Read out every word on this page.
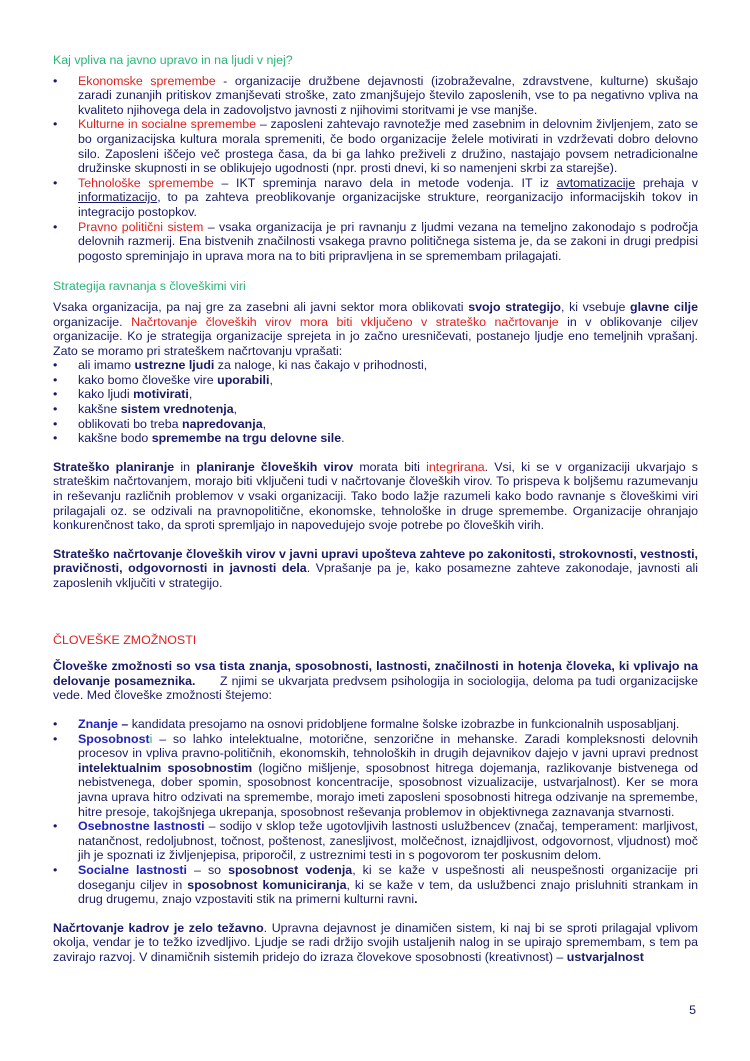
Kaj vpliva na javno upravo in na ljudi v njej?
• Ekonomske spremembe - organizacije družbene dejavnosti (izobraževalne, zdravstvene, kulturne) skušajo zaradi zunanjih pritiskov zmanjševati stroške, zato zmanjšujejo število zaposlenih, vse to pa negativno vpliva na kvaliteto njihovega dela in zadovoljstvo javnosti z njihovimi storitvami je vse manjše.
• Kulturne in socialne spremembe – zaposleni zahtevajo ravnotežje med zasebnim in delovnim življenjem, zato se bo organizacijska kultura morala spremeniti, če bodo organizacije želele motivirati in vzdrževati dobro delovno silo. Zaposleni iščejo več prostega časa, da bi ga lahko preživeli z družino, nastajajo povsem netradicionalne družinske skupnosti in se oblikujejo ugodnosti (npr. prosti dnevi, ki so namenjeni skrbi za starejše).
• Tehnološke spremembe – IKT spreminja naravo dela in metode vodenja. IT iz avtomatizacije prehaja v informatizacijo, to pa zahteva preoblikovanje organizacijske strukture, reorganizacijo informacijskih tokov in integracijo postopkov.
• Pravno politični sistem – vsaka organizacija je pri ravnanju z ljudmi vezana na temeljno zakonodajo s področja delovnih razmerij. Ena bistvenih značilnosti vsakega pravno političnega sistema je, da se zakoni in drugi predpisi pogosto spreminjajo in uprava mora na to biti pripravljena in se spremembam prilagajati.
Strategija ravnanja s človeškimi viri

Vsaka organizacija, pa naj gre za zasebni ali javni sektor mora oblikovati svojo strategijo, ki vsebuje glavne cilje organizacije. Načrtovanje človeških virov mora biti vključeno v strateško načrtovanje in v oblikovanje ciljev organizacije. Ko je strategija organizacije sprejeta in jo začno uresničevati, postanejo ljudje eno temeljnih vprašanj. Zato se moramo pri strateškem načrtovanju vprašati:

• ali imamo ustrezne ljudi za naloge, ki nas čakajo v prihodnosti,
• kako bomo človeške vire uporabili,
• kako ljudi motivirati,
• kakšne sistem vrednotenja,
• oblikovati bo treba napredovanja,
• kakšne bodo spremembe na trgu delovne sile.

Strateško planiranje in planiranje človeških virov morata biti integrirana. Vsi, ki se v organizaciji ukvarjajo s strateškim načrtovanjem, morajo biti vključeni tudi v načrtovanje človeških virov. To prispeva k boljšemu razumevanju in reševanju različnih problemov v vsaki organizaciji. Tako bodo lažje razumeli kako bodo ravnanje s človeškimi viri prilagajali oz. se odzivali na pravnopolitične, ekonomske, tehnološke in druge spremembe. Organizacije ohranjajo konkurenčnost tako, da sproti spremljajo in napovedujejo svoje potrebe po človeških virih.

Strateško načrtovanje človeških virov v javni upravi upošteva zahteve po zakonitosti, strokovnosti, vestnosti, pravičnosti, odgovornosti in javnosti dela. Vprašanje pa je, kako posamezne zahteve zakonodaje, javnosti ali zaposlenih vključiti v strategijo.

ČLOVEŠKE ZMOŽNOSTI

Človeške zmožnosti so vsa tista znanja, sposobnosti, lastnosti, značilnosti in hotenja človeka, ki vplivajo na delovanje posameznika.      Z njimi se ukvarjata predvsem psihologija in sociologija, deloma pa tudi organizacijske vede. Med človeške zmožnosti štejemo:

• Znanje – kandidata presojamo na osnovi pridobljene formalne šolske izobrazbe in funkcionalnih usposabljanj.
• Sposobnosti – so lahko intelektualne, motorične, senzorične in mehanske. Zaradi kompleksnosti delovnih procesov in vpliva pravno-političnih, ekonomskih, tehnoloških in drugih dejavnikov dajejo v javni upravi prednost intelektualnim sposobnostim (logično mišljenje, sposobnost hitrega dojemanja, razlikovanje bistvenega od nebistvenega, dober spomin, sposobnost koncentracije, sposobnost vizualizacije, ustvarjalnost). Ker se mora javna uprava hitro odzivati na spremembe, morajo imeti zaposleni sposobnosti hitrega odzivanje na spremembe, hitre presoje, takojšnjega ukrepanja, sposobnost reševanja problemov in objektivnega zaznavanja stvarnosti.
• Osebnostne lastnosti – sodijo v sklop teže ugotovljivih lastnosti uslužbencev (značaj, temperament: marljivost, natančnost, redoljubnost, točnost, poštenost, zanesljivost, molčečnost, iznajdljivost, odgovornost, vljudnost) moč jih je spoznati iz življenjepisa, priporočil, z ustreznimi testi in s pogovorom ter poskusnim delom.
• Socialne lastnosti – so sposobnost vodenja, ki se kaže v uspešnosti ali neuspešnosti organizacije pri doseganju ciljev in sposobnost komuniciranja, ki se kaže v tem, da uslužbenci znajo prisluhniti strankam in drug drugemu, znajo vzpostaviti stik na primerni kulturni ravni.

Načrtovanje kadrov je zelo težavno. Upravna dejavnost je dinamičen sistem, ki naj bi se sproti prilagajal vplivom okolja, vendar je to težko izvedljivo. Ljudje se radi držijo svojih ustaljenih nalog in se upirajo spremembam, s tem pa zavirajo razvoj. V dinamičnih sistemih pridejo do izraza človekove sposobnosti (kreativnost) – ustvarjalnost

5
